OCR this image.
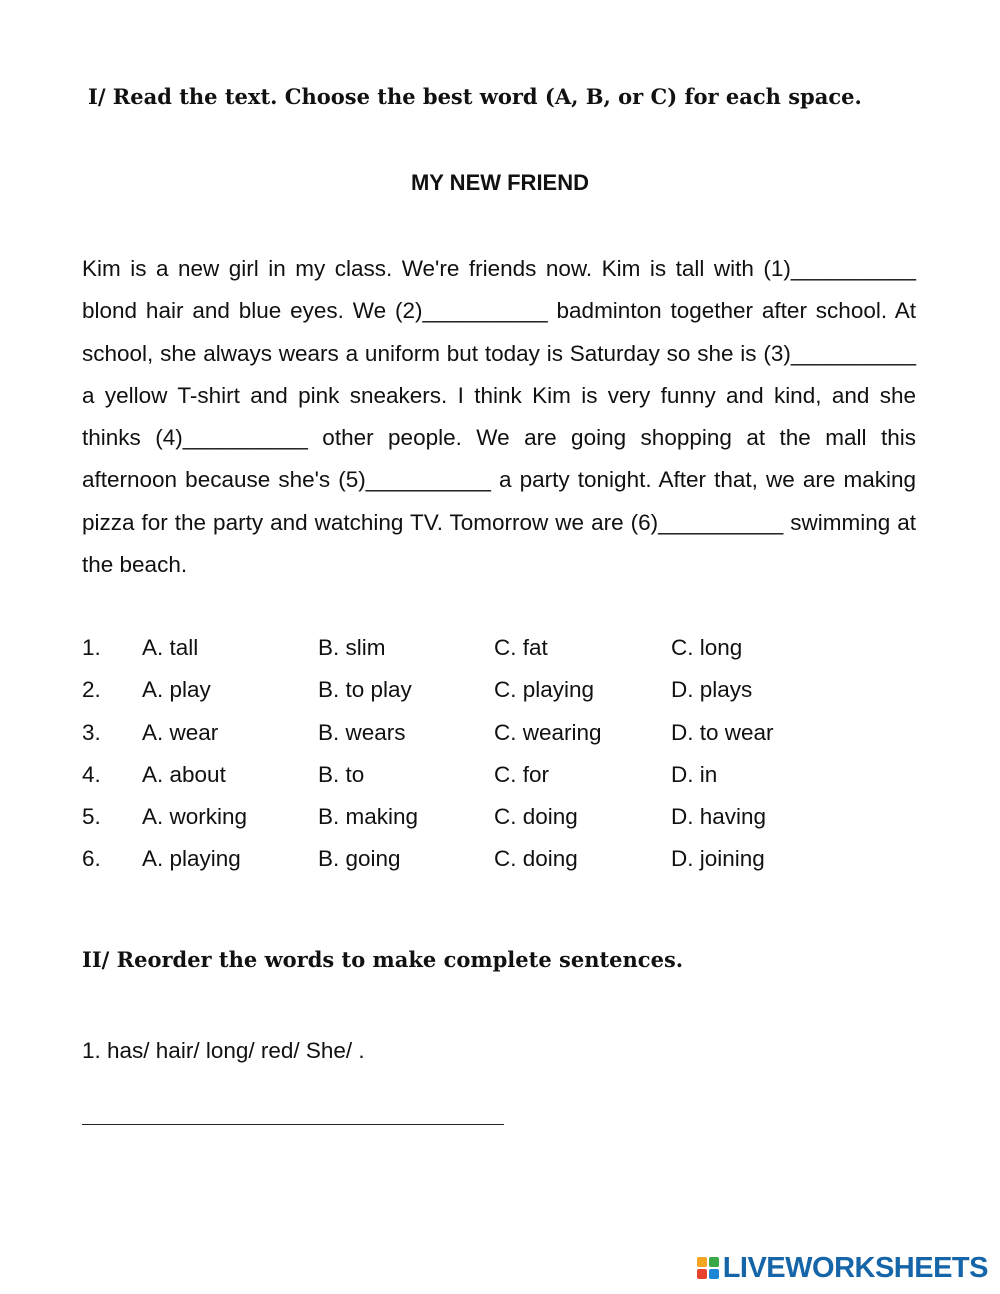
I/ Read the text. Choose the best word (A, B, or C) for each space.
MY NEW FRIEND

Kim is a new girl in my class. We're friends now. Kim is tall with (1)__________ blond hair and blue eyes. We (2)__________ badminton together after school. At school, she always wears a uniform but today is Saturday so she is (3)__________ a yellow T-shirt and pink sneakers. I think Kim is very funny and kind, and she thinks (4)__________ other people. We are going shopping at the mall this afternoon because she's (5)__________ a party tonight. After that, we are making pizza for the party and watching TV. Tomorrow we are (6)__________ swimming at the beach.

1. A. tall	B. slim	C. fat	C. long
2. A. play	B. to play	C. playing	D. plays
3. A. wear	B. wears	C. wearing	D. to wear
4. A. about	B. to	C. for	D. in
5. A. working	B. making	C. doing	D. having
6. A. playing	B. going	C. doing	D. joining
II/ Reorder the words to make complete sentences.
1. has/ hair/ long/ red/ She/ .
LIVEWORKSHEETS
